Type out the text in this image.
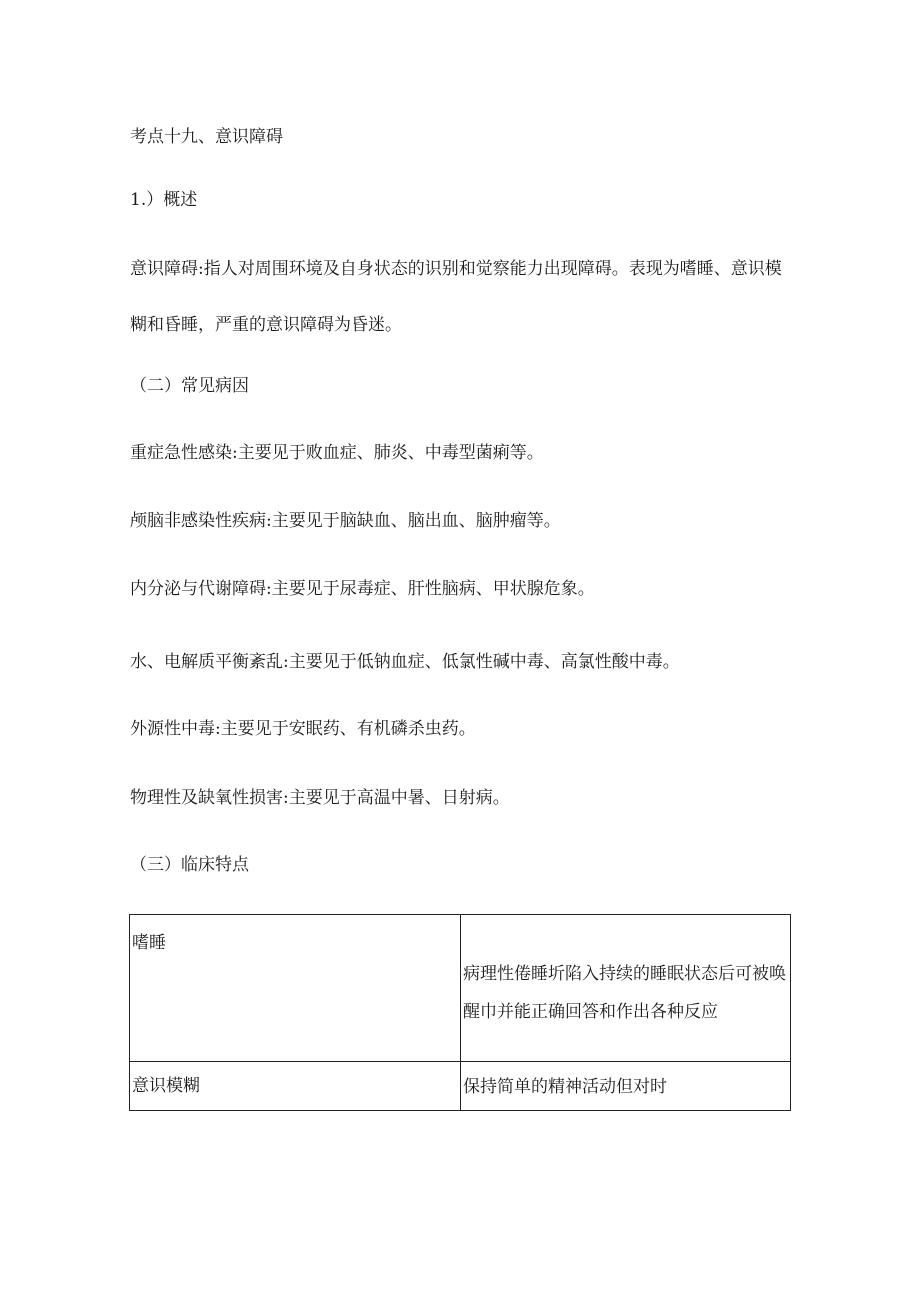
考点十九、意识障碍
1.）概述

意识障碍:指人对周围环境及自身状态的识别和觉察能力出现障碍。表现为嗜睡、意识模糊和昏睡，严重的意识障碍为昏迷。

（二）常见病因

重症急性感染:主要见于败血症、肺炎、中毒型菌痢等。

颅脑非感染性疾病:主要见于脑缺血、脑出血、脑肿瘤等。

内分泌与代谢障碍:主要见于尿毒症、肝性脑病、甲状腺危象。

水、电解质平衡紊乱:主要见于低钠血症、低氯性碱中毒、高氯性酸中毒。

外源性中毒:主要见于安眠药、有机磷杀虫药。

物理性及缺氧性损害:主要见于高温中暑、日射病。

（三）临床特点
嗜睡	病理性倦睡圻陷入持续的睡眠状态后可被唤醒巾并能正确回答和作出各种反应

意识模糊	保持简单的精神活动但对时
